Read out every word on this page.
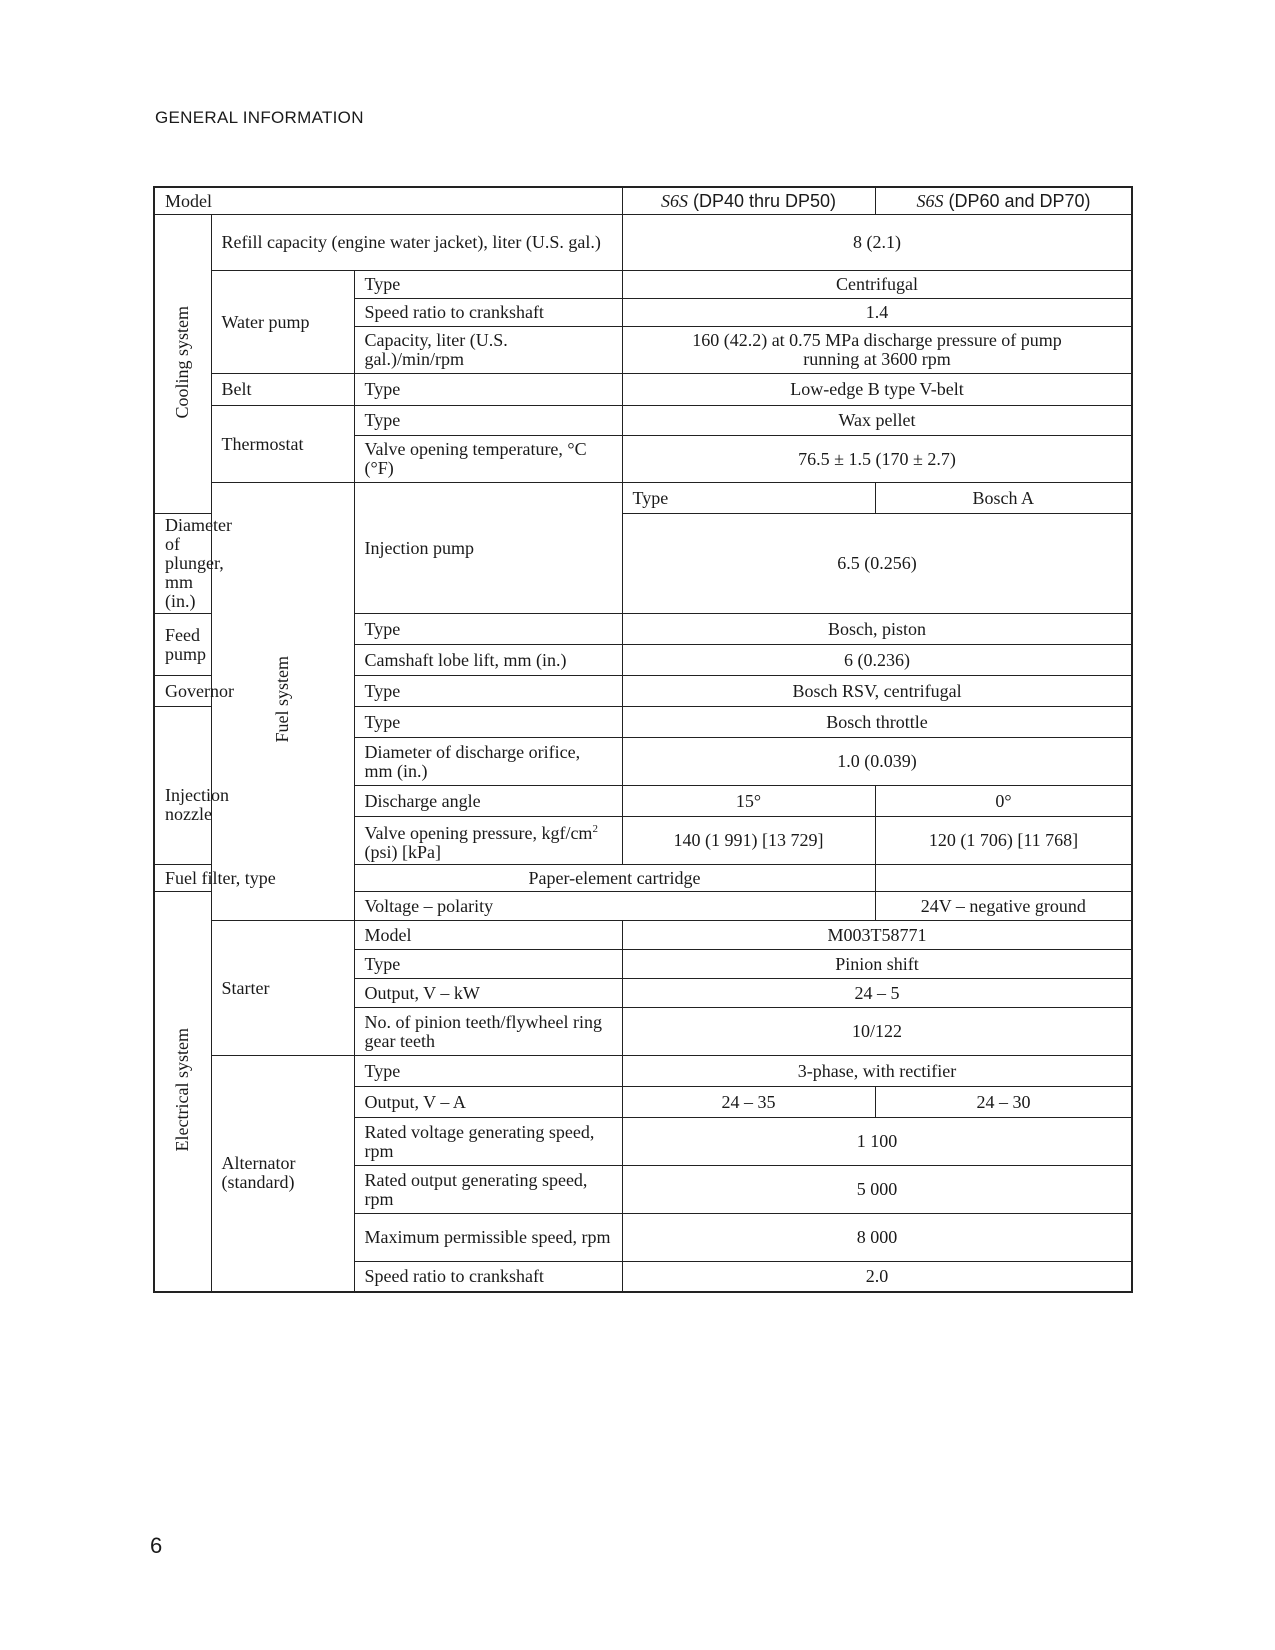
GENERAL INFORMATION
Model			S6S (DP40 thru DP50)	S6S (DP60 and DP70)
Cooling system	Refill capacity (engine water jacket), liter (U.S. gal.)		8 (2.1)	
	Water pump	Type	Centrifugal	
		Speed ratio to crankshaft	1.4	
		Capacity, liter (U.S. gal.)/min/rpm	160 (42.2) at 0.75 MPa discharge pressure of pump running at 3600 rpm	
	Belt	Type	Low-edge B type V-belt	
	Thermostat	Type	Wax pellet	
		Valve opening temperature, °C (°F)	76.5 ± 1.5 (170 ± 2.7)	
	Fuel system	Injection pump	Type	Bosch A
Diameter of plunger, mm (in.)			6.5 (0.256)	
Feed pump		Type	Bosch, piston	
		Camshaft lobe lift, mm (in.)	6 (0.236)	
Governor		Type	Bosch RSV, centrifugal	
Injection nozzle		Type	Bosch throttle	
		Diameter of discharge orifice, mm (in.)	1.0 (0.039)	
		Discharge angle	15°	0°
		Valve opening pressure, kgf/$cm^2$ (psi) [kPa]	140 (1 991) [13 729]	120 (1 706) [11 768]
Fuel filter, type		Paper-element cartridge		
Electrical system		Voltage – polarity		24V – negative ground
	Starter	Model	M003T58771	
		Type	Pinion shift	
		Output, V – kW	24 – 5	
		No. of pinion teeth/flywheel ring gear teeth	10/122	
	Alternator (standard)	Type	3-phase, with rectifier	
		Output, V – A	24 – 35	24 – 30
		Rated voltage generating speed, rpm	1 100	
		Rated output generating speed, rpm	5 000	
		Maximum permissible speed, rpm	8 000	
		Speed ratio to crankshaft	2.0	
6
